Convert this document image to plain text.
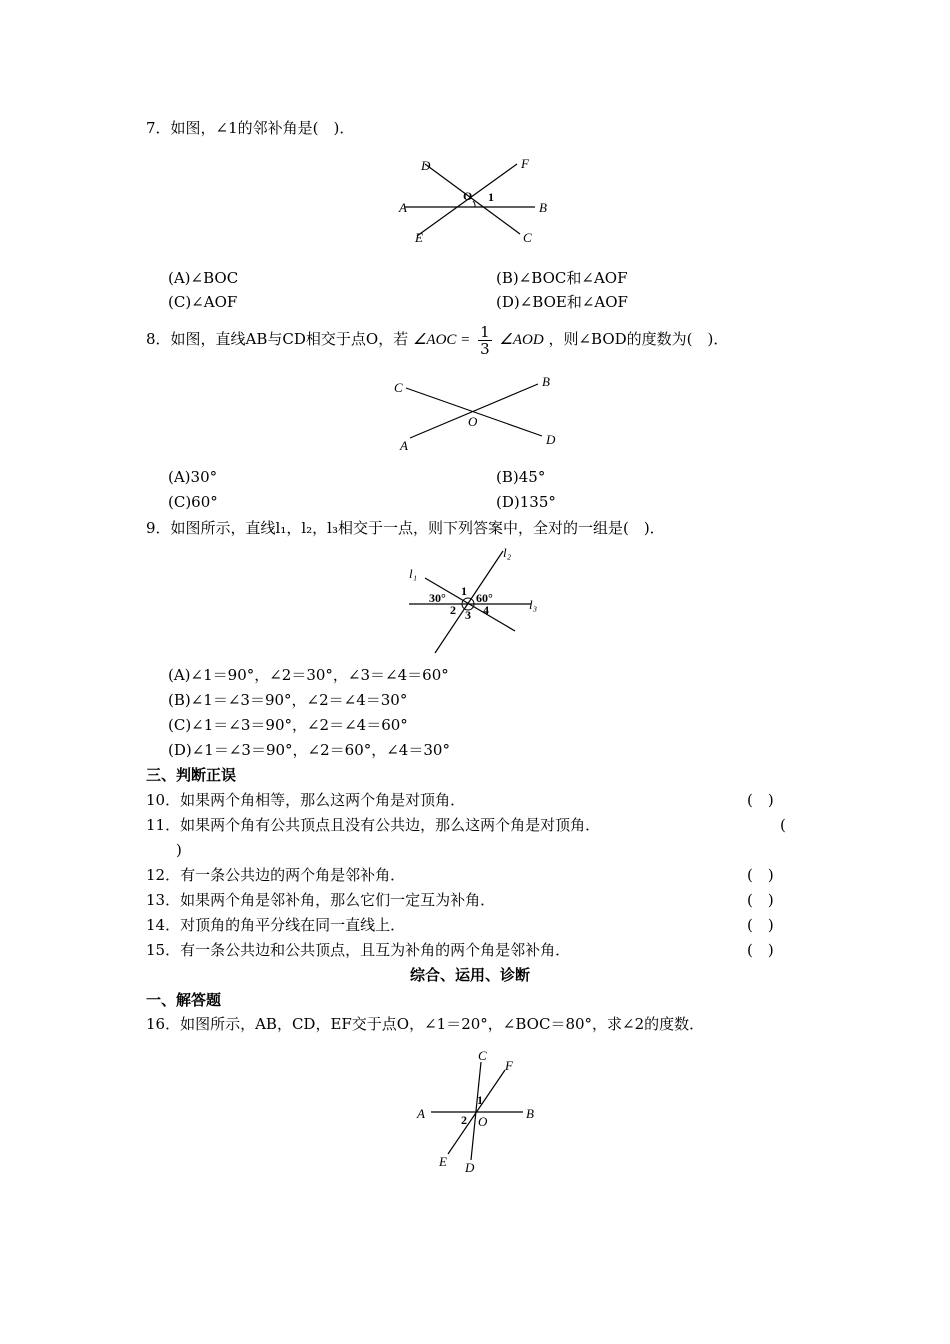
7．如图，∠1的邻补角是(　)．
D	F
O 1
A	B
E	C
(A)∠BOC	(B)∠BOC和∠AOF
(C)∠AOF	(D)∠BOE和∠AOF
8．如图，直线AB与CD相交于点O，若 ∠AOC = $\frac{1}{3}$ ∠AOD ，则∠BOD的度数为(　)．
C	B
O
A	D
(A)30°	(B)45°
(C)60°	(D)135°
9．如图所示，直线l₁，l₂，l₃相交于一点，则下列答案中，全对的一组是(　)．
l₁
l₂
l₃
30°	60°
1
2 3 4
(A)∠1＝90°，∠2＝30°，∠3＝∠4＝60°
(B)∠1＝∠3＝90°，∠2＝∠4＝30°
(C)∠1＝∠3＝90°，∠2＝∠4＝60°
(D)∠1＝∠3＝90°，∠2＝60°，∠4＝30°
三、判断正误
10．如果两个角相等，那么这两个角是对顶角．	(　)
11．如果两个角有公共顶点且没有公共边，那么这两个角是对顶角．	(
)
12．有一条公共边的两个角是邻补角．	(　)
13．如果两个角是邻补角，那么它们一定互为补角．	(　)
14．对顶角的角平分线在同一直线上．	(　)
15．有一条公共边和公共顶点，且互为补角的两个角是邻补角．	(　)
综合、运用、诊断
一、解答题
16．如图所示，AB，CD，EF交于点O，∠1＝20°，∠BOC＝80°，求∠2的度数．
C
F
A	B
1
2 O
E D
